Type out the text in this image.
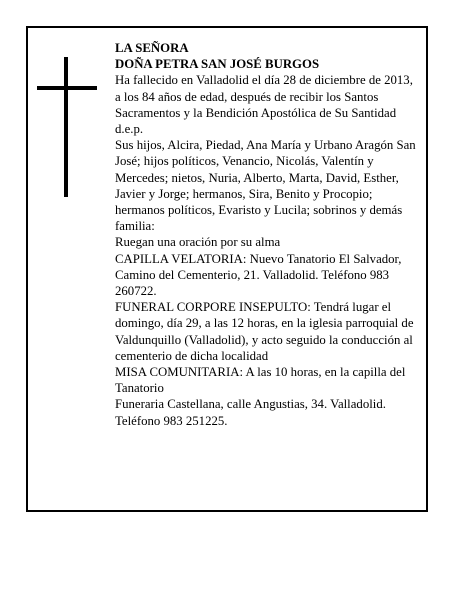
LA SEÑORA

DOÑA PETRA SAN JOSÉ BURGOS

Ha fallecido en Valladolid el día 28 de diciembre de 2013, a los 84 años de edad, después de recibir los Santos Sacramentos y la Bendición Apostólica de Su Santidad

d.e.p.

Sus hijos, Alcira, Piedad, Ana María y Urbano Aragón San José; hijos políticos, Venancio, Nicolás, Valentín y Mercedes; nietos, Nuria, Alberto, Marta, David, Esther, Javier y Jorge; hermanos, Sira, Benito y Procopio; hermanos políticos, Evaristo y Lucila; sobrinos y demás familia:

Ruegan una oración por su alma

CAPILLA VELATORIA: Nuevo Tanatorio El Salvador, Camino del Cementerio, 21. Valladolid. Teléfono 983 260722.

FUNERAL CORPORE INSEPULTO: Tendrá lugar el domingo, día 29, a las 12 horas, en la iglesia parroquial de Valdunquillo (Valladolid), y acto seguido la conducción al cementerio de dicha localidad

MISA COMUNITARIA: A las 10 horas, en la capilla del Tanatorio

Funeraria Castellana, calle Angustias, 34. Valladolid. Teléfono 983 251225.
